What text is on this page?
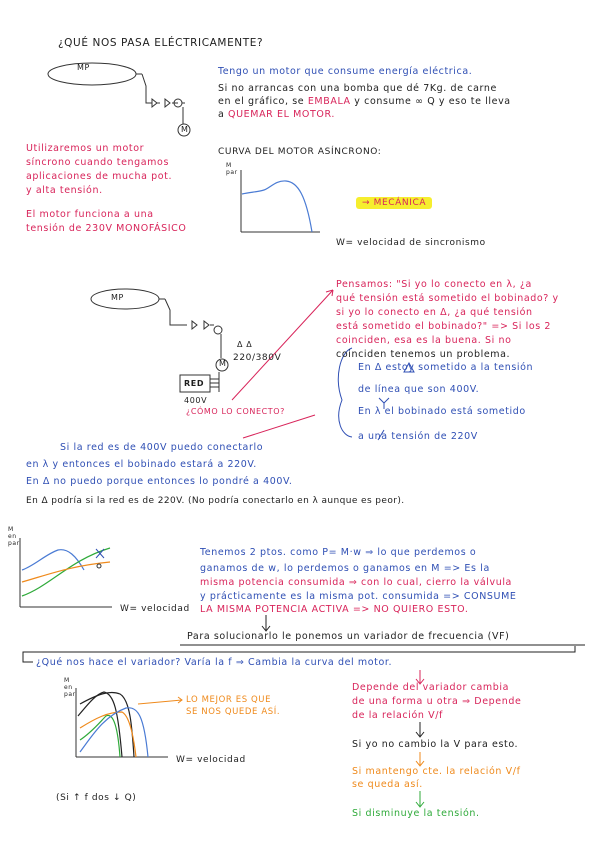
¿QUÉ NOS PASA ELÉCTRICAMENTE?
MP
M
Tengo un motor que consume energía eléctrica.
Si no arrancas con una bomba que dé 7Kg. de carne
en el gráfico, se EMBALA y consume ∞ Q y eso te lleva
a QUEMAR EL MOTOR.
Utilizaremos un motor
síncrono cuando tengamos
aplicaciones de mucha pot.
y alta tensión.
El motor funciona a una
tensión de 230V MONOFÁSICO
CURVA DEL MOTOR ASÍNCRONO:
M par
W= velocidad de sincronismo
→ MECÁNICA
MP
M
Δ Δ
220/380V
RED
400V
¿CÓMO LO CONECTO?
Pensamos: "Si yo lo conecto en λ, ¿a
qué tensión está sometido el bobinado? y
si yo lo conecto en Δ, ¿a qué tensión
está sometido el bobinado?" => Si los 2
coinciden, esa es la buena. Si no
coinciden tenemos un problema.
En Δ estoy sometido a la tensión
de línea que son 400V.
En λ el bobinado está sometido
a una tensión de 220V
Si la red es de 400V puedo conectarlo
en λ y entonces el bobinado estará a 220V.
En Δ no puedo porque entonces lo pondré a 400V.
En Δ podría si la red es de 220V. (No podría conectarlo en λ aunque es peor).
M en par
W= velocidad
Tenemos 2 ptos. como P= M·w ⇒ lo que perdemos o
ganamos de w, lo perdemos o ganamos en M => Es la
misma potencia consumida ⇒ con lo cual, cierro la válvula
y prácticamente es la misma pot. consumida => CONSUME
LA MISMA POTENCIA ACTIVA => NO QUIERO ESTO.
Para solucionarlo le ponemos un variador de frecuencia (VF)
¿Qué nos hace el variador? Varía la f ⇒ Cambia la curva del motor.
M en par
W= velocidad
LO MEJOR ES QUE
SE NOS QUEDE ASÍ.
Depende del variador cambia
de una forma u otra ⇒ Depende
de la relación V/f
Si yo no cambio la V para esto.
Si mantengo cte. la relación V/f
se queda así.
Si disminuye la tensión.
(Si ↑ f dos ↓ Q)
